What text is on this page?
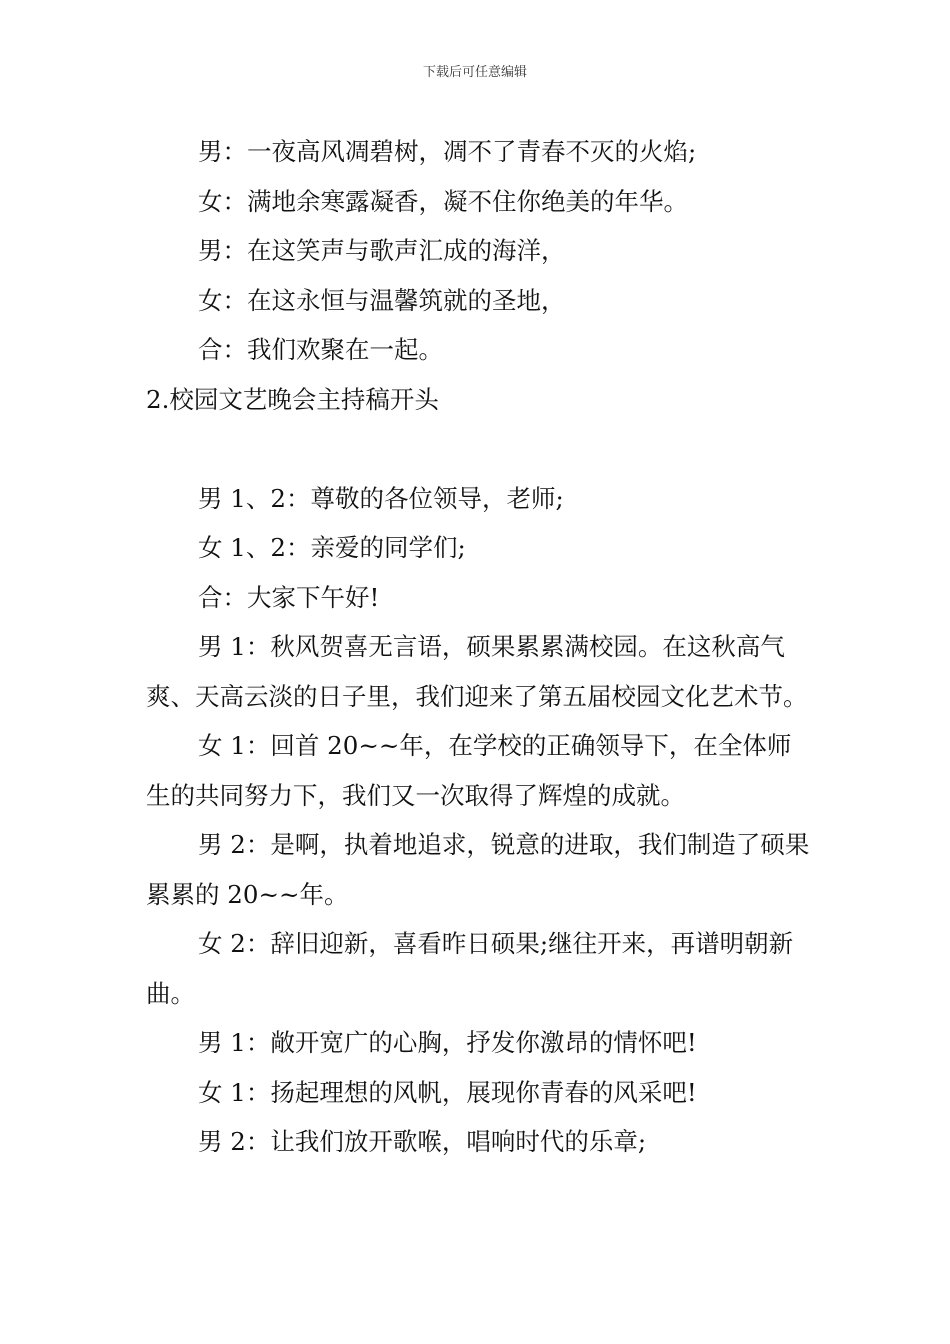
下载后可任意编辑

男：一夜高风凋碧树，凋不了青春不灭的火焰;

女：满地余寒露凝香，凝不住你绝美的年华。

男：在这笑声与歌声汇成的海洋，

女：在这永恒与温馨筑就的圣地，

合：我们欢聚在一起。

2.校园文艺晚会主持稿开头

男 1、2：尊敬的各位领导，老师;

女 1、2：亲爱的同学们;

合：大家下午好!

男 1：秋风贺喜无言语，硕果累累满校园。在这秋高气爽、天高云淡的日子里，我们迎来了第五届校园文化艺术节。

女 1：回首 20~~年，在学校的正确领导下，在全体师生的共同努力下，我们又一次取得了辉煌的成就。

男 2：是啊，执着地追求，锐意的进取，我们制造了硕果累累的 20~~年。

女 2：辞旧迎新，喜看昨日硕果;继往开来，再谱明朝新曲。

男 1：敞开宽广的心胸，抒发你激昂的情怀吧!

女 1：扬起理想的风帆，展现你青春的风采吧!

男 2：让我们放开歌喉，唱响时代的乐章;
